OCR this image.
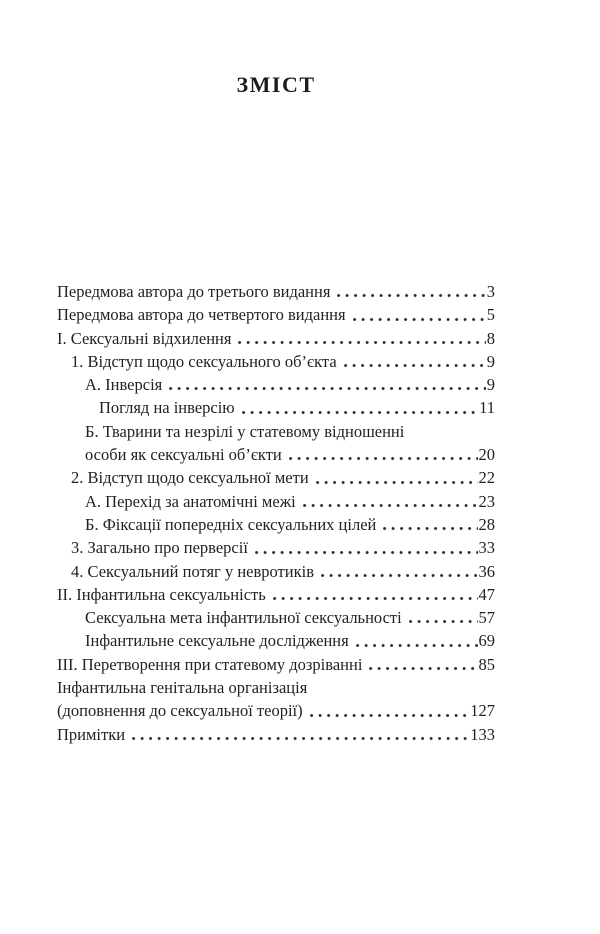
ЗМІСТ
Передмова автора до третього видання	3
Передмова автора до четвертого видання	5
I. Сексуальні відхилення	8
1. Відступ щодо сексуального об’єкта	9
А. Інверсія	9
Погляд на інверсію	11
Б. Тварини та незрілі у статевому відношенні
особи як сексуальні об’єкти	20
2. Відступ щодо сексуальної мети	22
А. Перехід за анатомічні межі	23
Б. Фіксації попередніх сексуальних цілей	28
3. Загально про перверсії	33
4. Сексуальний потяг у невротиків	36
II. Інфантильна сексуальність	47
Сексуальна мета інфантильної сексуальності	57
Інфантильне сексуальне дослідження	69
III. Перетворення при статевому дозріванні	85
Інфантильна генітальна організація
(доповнення до сексуальної теорії)	127
Примітки	133
